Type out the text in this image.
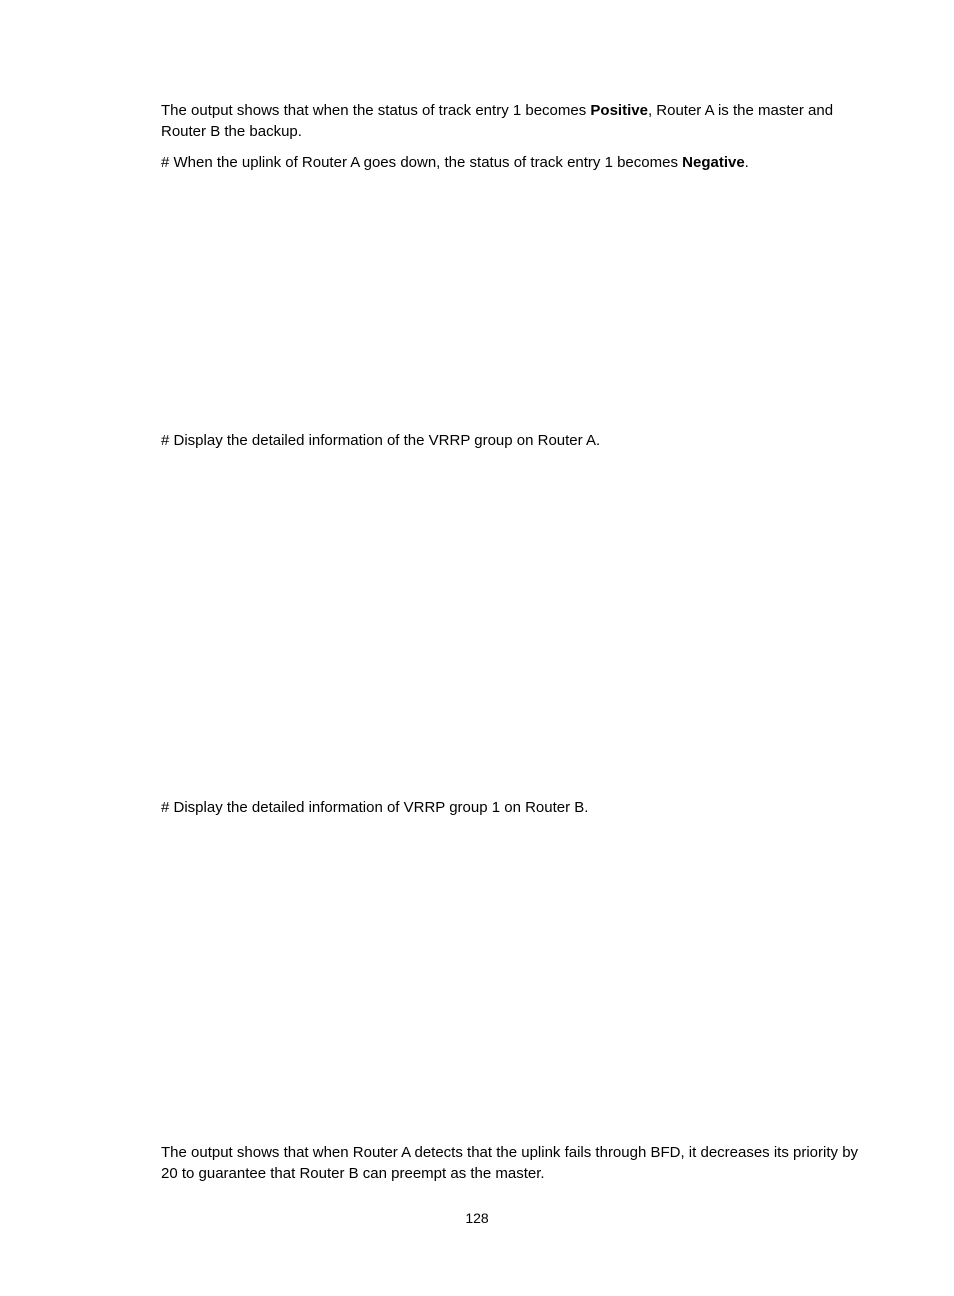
The output shows that when the status of track entry 1 becomes Positive, Router A is the master and Router B the backup.

# When the uplink of Router A goes down, the status of track entry 1 becomes Negative.

# Display the detailed information of the VRRP group on Router A.

# Display the detailed information of VRRP group 1 on Router B.

The output shows that when Router A detects that the uplink fails through BFD, it decreases its priority by 20 to guarantee that Router B can preempt as the master.

128
